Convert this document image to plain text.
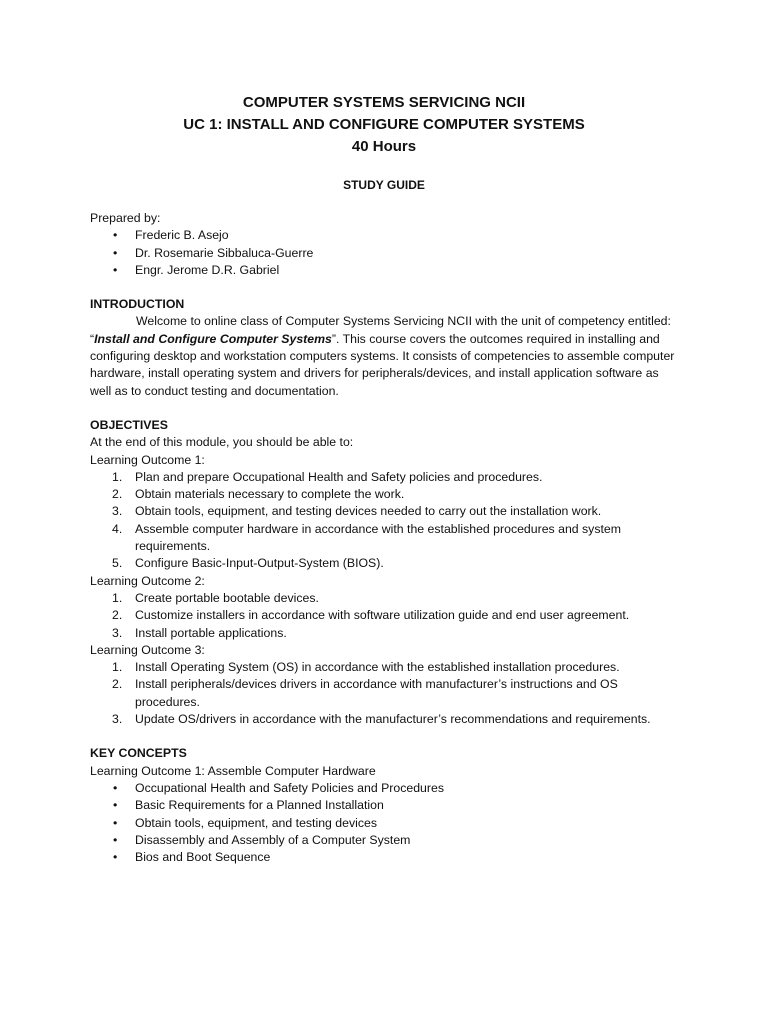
COMPUTER SYSTEMS SERVICING NCII
UC 1: INSTALL AND CONFIGURE COMPUTER SYSTEMS
40 Hours
STUDY GUIDE

Prepared by:

• Frederic B. Asejo
• Dr. Rosemarie Sibbaluca-Guerre
• Engr. Jerome D.R. Gabriel

INTRODUCTION

Welcome to online class of Computer Systems Servicing NCII with the unit of competency entitled: “Install and Configure Computer Systems”. This course covers the outcomes required in installing and configuring desktop and workstation computers systems. It consists of competencies to assemble computer hardware, install operating system and drivers for peripherals/devices, and install application software as well as to conduct testing and documentation.

OBJECTIVES

At the end of this module, you should be able to:

Learning Outcome 1:

1. Plan and prepare Occupational Health and Safety policies and procedures.
2. Obtain materials necessary to complete the work.
3. Obtain tools, equipment, and testing devices needed to carry out the installation work.
4. Assemble computer hardware in accordance with the established procedures and system requirements.
5. Configure Basic-Input-Output-System (BIOS).

Learning Outcome 2:

1. Create portable bootable devices.
2. Customize installers in accordance with software utilization guide and end user agreement.
3. Install portable applications.

Learning Outcome 3:

1. Install Operating System (OS) in accordance with the established installation procedures.
2. Install peripherals/devices drivers in accordance with manufacturer’s instructions and OS procedures.
3. Update OS/drivers in accordance with the manufacturer’s recommendations and requirements.

KEY CONCEPTS

Learning Outcome 1: Assemble Computer Hardware

• Occupational Health and Safety Policies and Procedures
• Basic Requirements for a Planned Installation
• Obtain tools, equipment, and testing devices
• Disassembly and Assembly of a Computer System
• Bios and Boot Sequence
